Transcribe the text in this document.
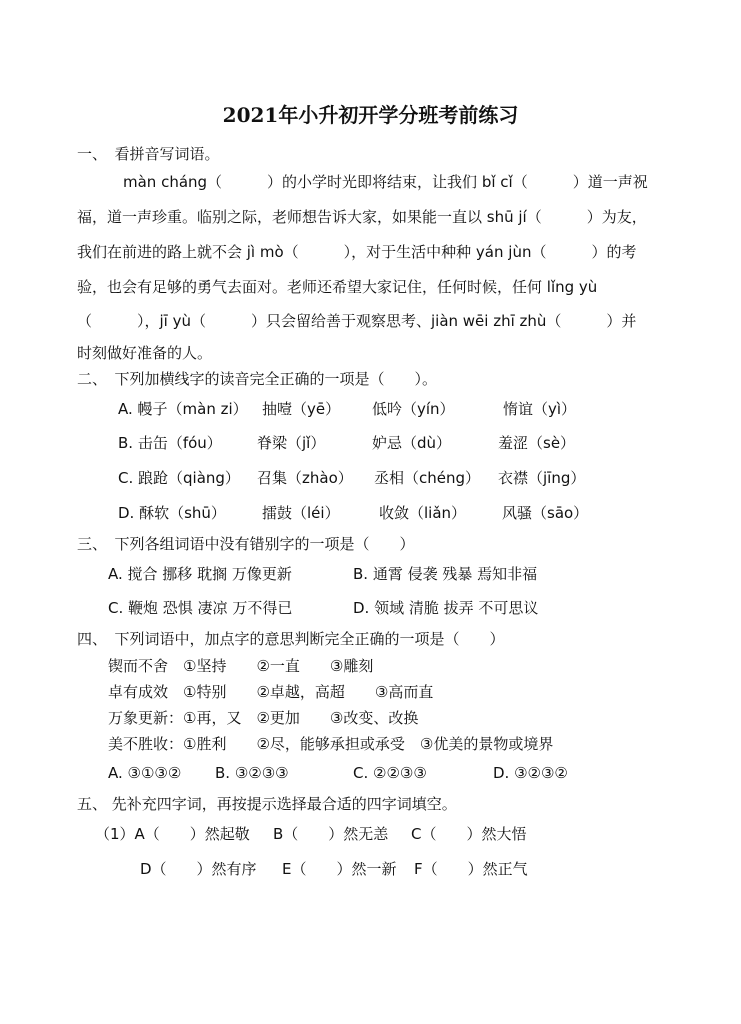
2021年小升初开学分班考前练习
一、　看拼音写词语。
màn cháng（　　　）的小学时光即将结束，让我们 bǐ cǐ（　　　）道一声祝
福，道一声珍重。临别之际，老师想告诉大家，如果能一直以 shū jí（　　　）为友，
我们在前进的路上就不会 jì mò（　　　），对于生活中种种 yán jùn（　　　）的考
验，也会有足够的勇气去面对。老师还希望大家记住，任何时候，任何 lǐng yù
（　　　），jī yù（　　　）只会留给善于观察思考、jiàn wēi zhī zhù（　　　）并
时刻做好准备的人。
二、　下列加横线字的读音完全正确的一项是（　　）。
A. 幔子（màn zi） 抽噎（yē） 低吟（yín）	惰谊（yì）
B. 击缶（fóu） 脊梁（jǐ）	妒忌（dù）	羞涩（sè）
C. 踉跄（qiàng） 召集（zhào） 丞相（chéng） 衣襟（jīng）
D. 酥软（shū） 擂鼓（léi）	收敛（liǎn） 风骚（sāo）
三、　下列各组词语中没有错别字的一项是（　　）
A. 搅合 挪移 耽搁 万像更新	B. 通霄 侵袭 残暴 焉知非福
C. 鞭炮 恐惧 凄凉 万不得已	D. 领域 清脆 拔弄 不可思议
四、　下列词语中，加点字的意思判断完全正确的一项是（　　）
锲而不舍　①坚持　　②一直　　③雕刻
卓有成效　①特别　　②卓越，高超　　③高而直
万象更新：①再，又　②更加　　③改变、改换
美不胜收：①胜利　　②尽，能够承担或承受　③优美的景物或境界
A. ③①③② B. ③②③③	C. ②②③③	D. ③②③②
五、 先补充四字词，再按提示选择最合适的四字词填空。
（1）A（　　）然起敬 B（　　）然无恙 C（　　）然大悟
D（　　）然有序 E（　　）然一新 F（　　）然正气
